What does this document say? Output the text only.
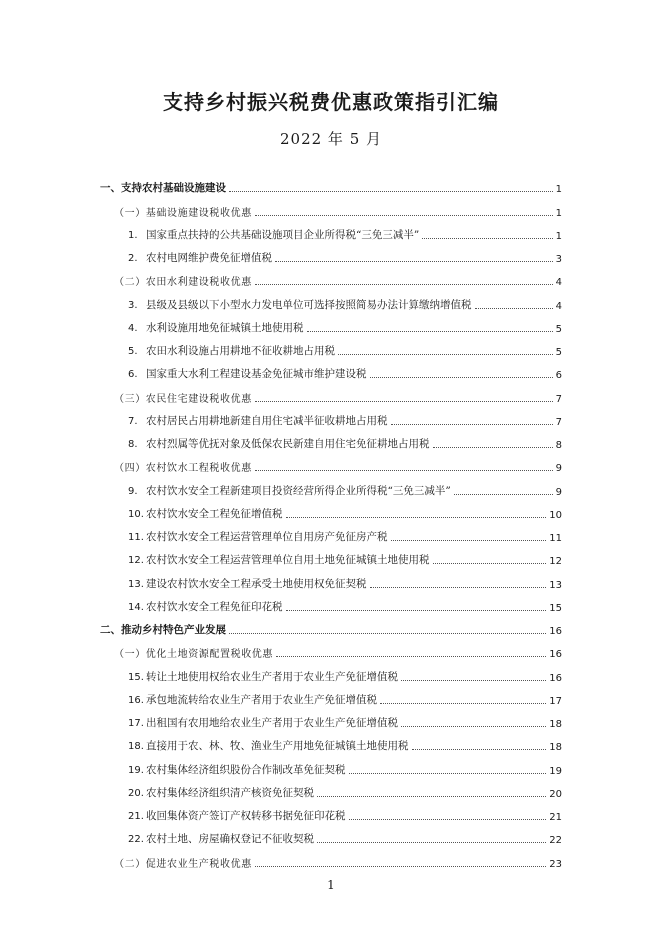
支持乡村振兴税费优惠政策指引汇编
2022 年 5 月
一、支持农村基础设施建设	1
（一）基础设施建设税收优惠	1
1. 国家重点扶持的公共基础设施项目企业所得税“三免三减半”	1
2. 农村电网维护费免征增值税	3
（二）农田水利建设税收优惠	4
3. 县级及县级以下小型水力发电单位可选择按照简易办法计算缴纳增值税	4
4. 水利设施用地免征城镇土地使用税	5
5. 农田水利设施占用耕地不征收耕地占用税	5
6. 国家重大水利工程建设基金免征城市维护建设税	6
（三）农民住宅建设税收优惠	7
7. 农村居民占用耕地新建自用住宅减半征收耕地占用税	7
8. 农村烈属等优抚对象及低保农民新建自用住宅免征耕地占用税	8
（四）农村饮水工程税收优惠	9
9. 农村饮水安全工程新建项目投资经营所得企业所得税“三免三减半”	9
10. 农村饮水安全工程免征增值税	10
11. 农村饮水安全工程运营管理单位自用房产免征房产税	11
12. 农村饮水安全工程运营管理单位自用土地免征城镇土地使用税	12
13. 建设农村饮水安全工程承受土地使用权免征契税	13
14. 农村饮水安全工程免征印花税	15
二、推动乡村特色产业发展	16
（一）优化土地资源配置税收优惠	16
15. 转让土地使用权给农业生产者用于农业生产免征增值税	16
16. 承包地流转给农业生产者用于农业生产免征增值税	17
17. 出租国有农用地给农业生产者用于农业生产免征增值税	18
18. 直接用于农、林、牧、渔业生产用地免征城镇土地使用税	18
19. 农村集体经济组织股份合作制改革免征契税	19
20. 农村集体经济组织清产核资免征契税	20
21. 收回集体资产签订产权转移书据免征印花税	21
22. 农村土地、房屋确权登记不征收契税	22
（二）促进农业生产税收优惠	23
1
